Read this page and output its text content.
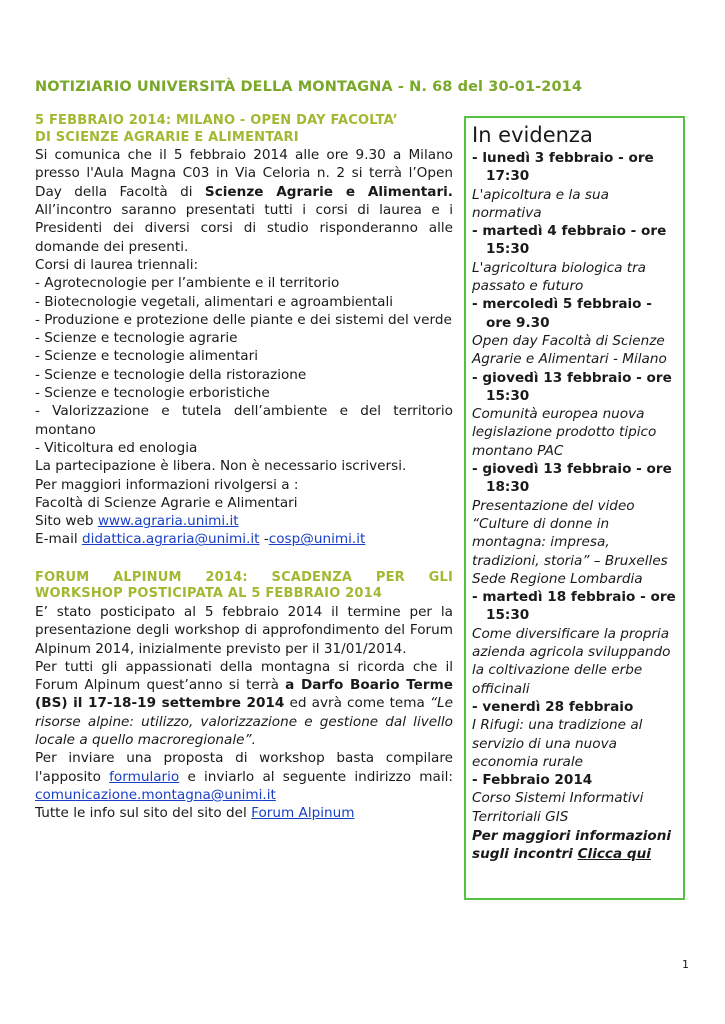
NOTIZIARIO UNIVERSITÀ DELLA MONTAGNA - N. 68 del 30-01-2014
5 FEBBRAIO 2014: MILANO - OPEN DAY FACOLTA’
DI SCIENZE AGRARIE E ALIMENTARI

Si comunica che il 5 febbraio 2014 alle ore 9.30 a Milano presso l'Aula Magna C03 in Via Celoria n. 2 si terrà l’Open Day della Facoltà di Scienze Agrarie e Alimentari. All’incontro saranno presentati tutti i corsi di laurea e i Presidenti dei diversi corsi di studio risponderanno alle domande dei presenti.

Corsi di laurea triennali:

- Agrotecnologie per l’ambiente e il territorio

- Biotecnologie vegetali, alimentari e agroambientali

- Produzione e protezione delle piante e dei sistemi del verde

- Scienze e tecnologie agrarie

- Scienze e tecnologie alimentari

- Scienze e tecnologie della ristorazione

- Scienze e tecnologie erboristiche

- Valorizzazione e tutela dell’ambiente e del territorio montano

- Viticoltura ed enologia

La partecipazione è libera. Non è necessario iscriversi.

Per maggiori informazioni rivolgersi a :

Facoltà di Scienze Agrarie e Alimentari

Sito web www.agraria.unimi.it

E-mail didattica.agraria@unimi.it -cosp@unimi.it

FORUM ALPINUM 2014: SCADENZA PER GLI
WORKSHOP POSTICIPATA AL 5 FEBBRAIO 2014

E’ stato posticipato al 5 febbraio 2014 il termine per la presentazione degli workshop di approfondimento del Forum Alpinum 2014, inizialmente previsto per il 31/01/2014.

Per tutti gli appassionati della montagna si ricorda che il Forum Alpinum quest’anno si terrà a Darfo Boario Terme (BS) il 17-18-19 settembre 2014 ed avrà come tema “Le risorse alpine: utilizzo, valorizzazione e gestione dal livello locale a quello macroregionale”.

Per inviare una proposta di workshop basta compilare l'apposito formulario e inviarlo al seguente indirizzo mail: comunicazione.montagna@unimi.it

Tutte le info sul sito del sito del Forum Alpinum

In evidenza
- lunedì 3 febbraio - ore 17:30
L'apicoltura e la sua normativa
- martedì 4 febbraio - ore 15:30
L'agricoltura biologica tra passato e futuro
- mercoledì 5 febbraio - ore 9.30
Open day Facoltà di Scienze Agrarie e Alimentari - Milano
- giovedì 13 febbraio - ore 15:30
Comunità europea nuova legislazione prodotto tipico montano PAC
- giovedì 13 febbraio - ore 18:30
Presentazione del video “Culture di donne in montagna: impresa, tradizioni, storia” – Bruxelles Sede Regione Lombardia
- martedì 18 febbraio - ore 15:30
Come diversificare la propria azienda agricola sviluppando la coltivazione delle erbe officinali
- venerdì 28 febbraio
I Rifugi: una tradizione al servizio di una nuova economia rurale
- Febbraio 2014
Corso Sistemi Informativi Territoriali GIS
Per maggiori informazioni sugli incontri Clicca qui
1
